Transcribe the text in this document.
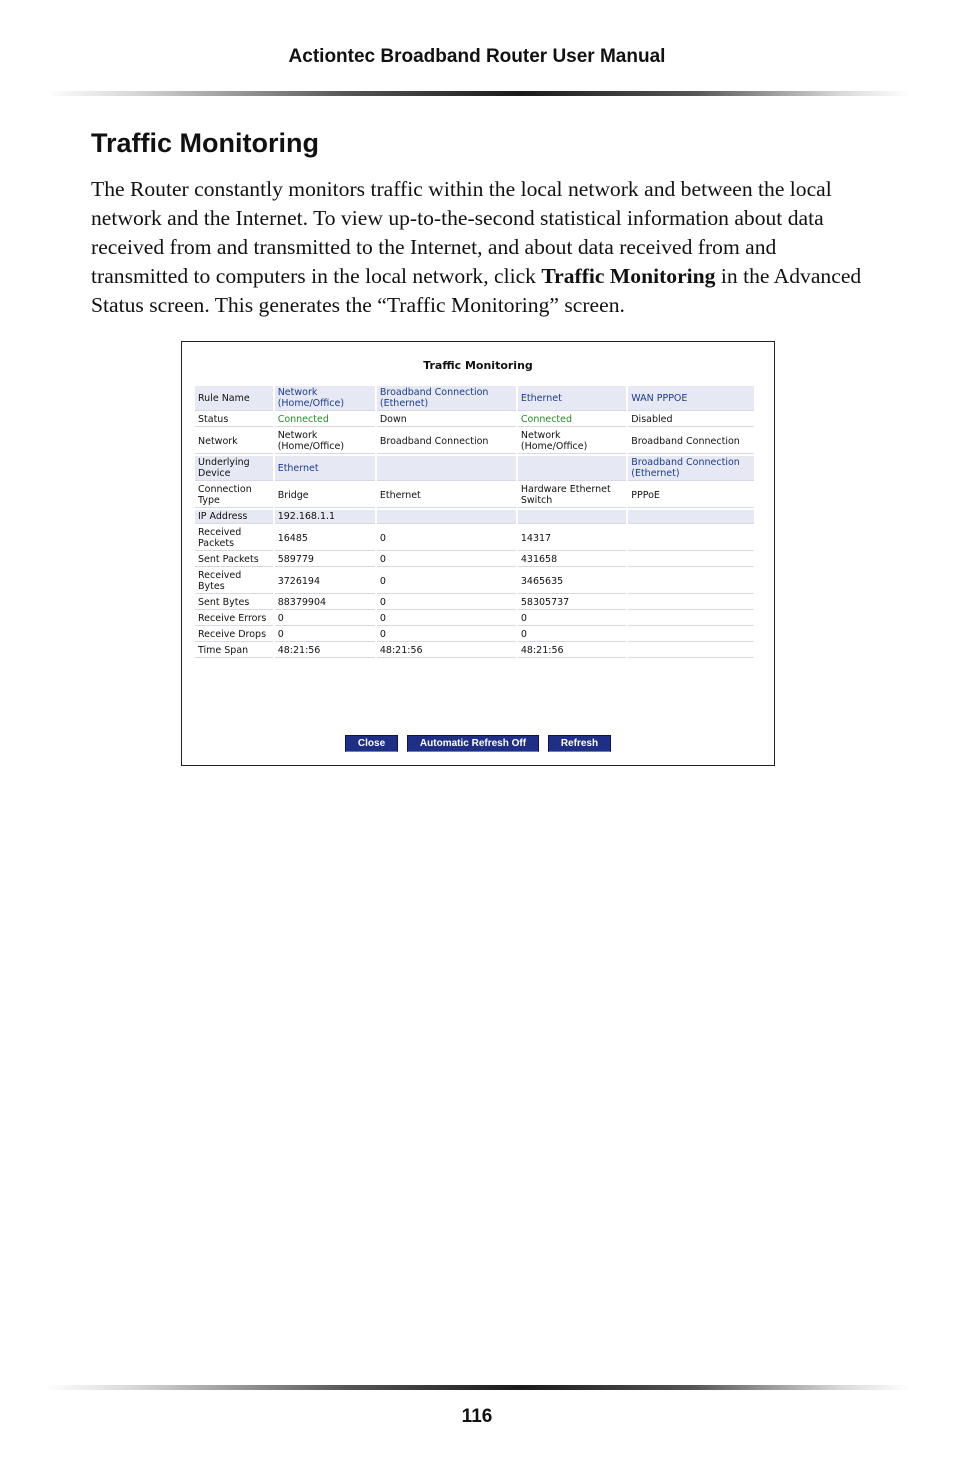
Actiontec Broadband Router User Manual
Traffic Monitoring
The Router constantly monitors traffic within the local network and between the local network and the Internet. To view up-to-the-second statistical information about data received from and transmitted to the Internet, and about data received from and transmitted to computers in the local network, click Traffic Monitoring in the Advanced Status screen. This generates the “Traffic Monitoring” screen.
Traffic Monitoring
Rule Name	Network (Home/Office)	Broadband Connection (Ethernet)	Ethernet	WAN PPPOE
Status	Connected	Down	Connected	Disabled
Network	Network (Home/Office)	Broadband Connection	Network (Home/Office)	Broadband Connection
Underlying Device	Ethernet			Broadband Connection (Ethernet)
Connection Type	Bridge	Ethernet	Hardware Ethernet Switch	PPPoE
IP Address	192.168.1.1			
Received Packets	16485	0	14317	
Sent Packets	589779	0	431658	
Received Bytes	3726194	0	3465635	
Sent Bytes	88379904	0	58305737	
Receive Errors	0	0	0	
Receive Drops	0	0	0	
Time Span	48:21:56	48:21:56	48:21:56	
Close	Automatic Refresh Off	Refresh
116
